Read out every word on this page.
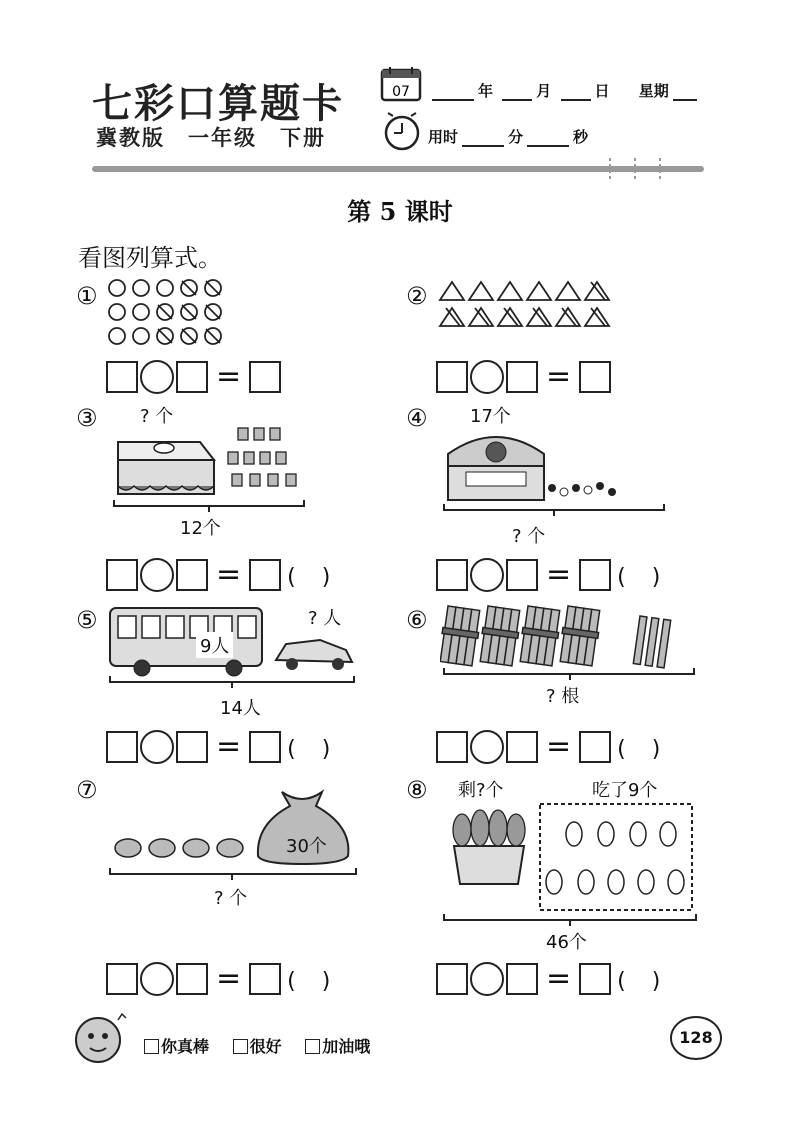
七彩口算题卡
冀教版　一年级　下册
07	年	月	日 星期
用时	分	秒
第 5 课时
看图列算式。
①	②
=	=
③ ? 个
12个
④ 17个
? 个
= (　)	= (　)
⑤	? 人
9人
14人
⑥
? 根
= (　)	= (　)
⑦
30个
? 个
⑧ 剩?个	吃了9个
46个
= (　)	= (　)
你真棒	很好	加油哦	128
